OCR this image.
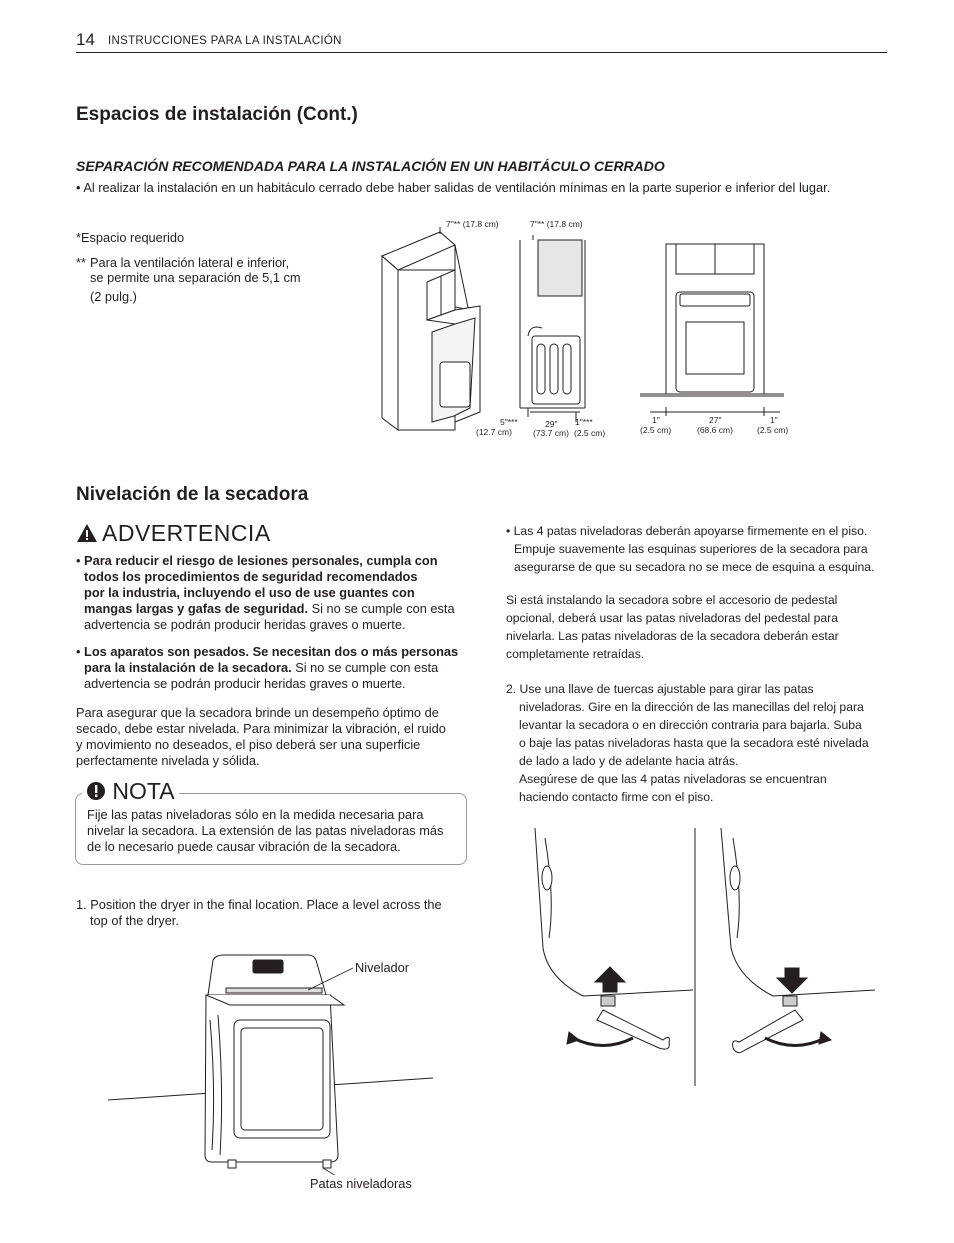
14 INSTRUCCIONES PARA LA INSTALACIÓN
Espacios de instalación (Cont.)
SEPARACIÓN RECOMENDADA PARA LA INSTALACIÓN EN UN HABITÁCULO CERRADO
• Al realizar la instalación en un habitáculo cerrado debe haber salidas de ventilación mínimas en la parte superior e inferior del lugar.
*Espacio requerido
** Para la ventilación lateral e inferior,
se permite una separación de 5,1 cm
(2 pulg.)
7"** (17.8 cm)	7"** (17.8 cm)
5"***
(12.7 cm)
29"
(73.7 cm)
1"***
(2.5 cm)
1"
(2.5 cm)
27"
(68.6 cm)
1"
(2.5 cm)
Nivelación de la secadora
ADVERTENCIA
• Para reducir el riesgo de lesiones personales, cumpla con
todos los procedimientos de seguridad recomendados
por la industria, incluyendo el uso de use guantes con
mangas largas y gafas de seguridad. Si no se cumple con esta
advertencia se podrán producir heridas graves o muerte.
• Los aparatos son pesados. Se necesitan dos o más personas
para la instalación de la secadora. Si no se cumple con esta
advertencia se podrán producir heridas graves o muerte.
Para asegurar que la secadora brinde un desempeño óptimo de
secado, debe estar nivelada. Para minimizar la vibración, el ruido
y movimiento no deseados, el piso deberá ser una superficie
perfectamente nivelada y sólida.
NOTA
Fije las patas niveladoras sólo en la medida necesaria para
nivelar la secadora. La extensión de las patas niveladoras más
de lo necesario puede causar vibración de la secadora.
1. Position the dryer in the final location. Place a level across the
top of the dryer.
Nivelador
Patas niveladoras
• Las 4 patas niveladoras deberán apoyarse firmemente en el piso.
Empuje suavemente las esquinas superiores de la secadora para
asegurarse de que su secadora no se mece de esquina a esquina.
Si está instalando la secadora sobre el accesorio de pedestal
opcional, deberá usar las patas niveladoras del pedestal para
nivelarla. Las patas niveladoras de la secadora deberán estar
completamente retraídas.
2. Use una llave de tuercas ajustable para girar las patas
niveladoras. Gire en la dirección de las manecillas del reloj para
levantar la secadora o en dirección contraria para bajarla. Suba
o baje las patas niveladoras hasta que la secadora esté nivelada
de lado a lado y de adelante hacia atrás.
Asegúrese de que las 4 patas niveladoras se encuentran
haciendo contacto firme con el piso.
